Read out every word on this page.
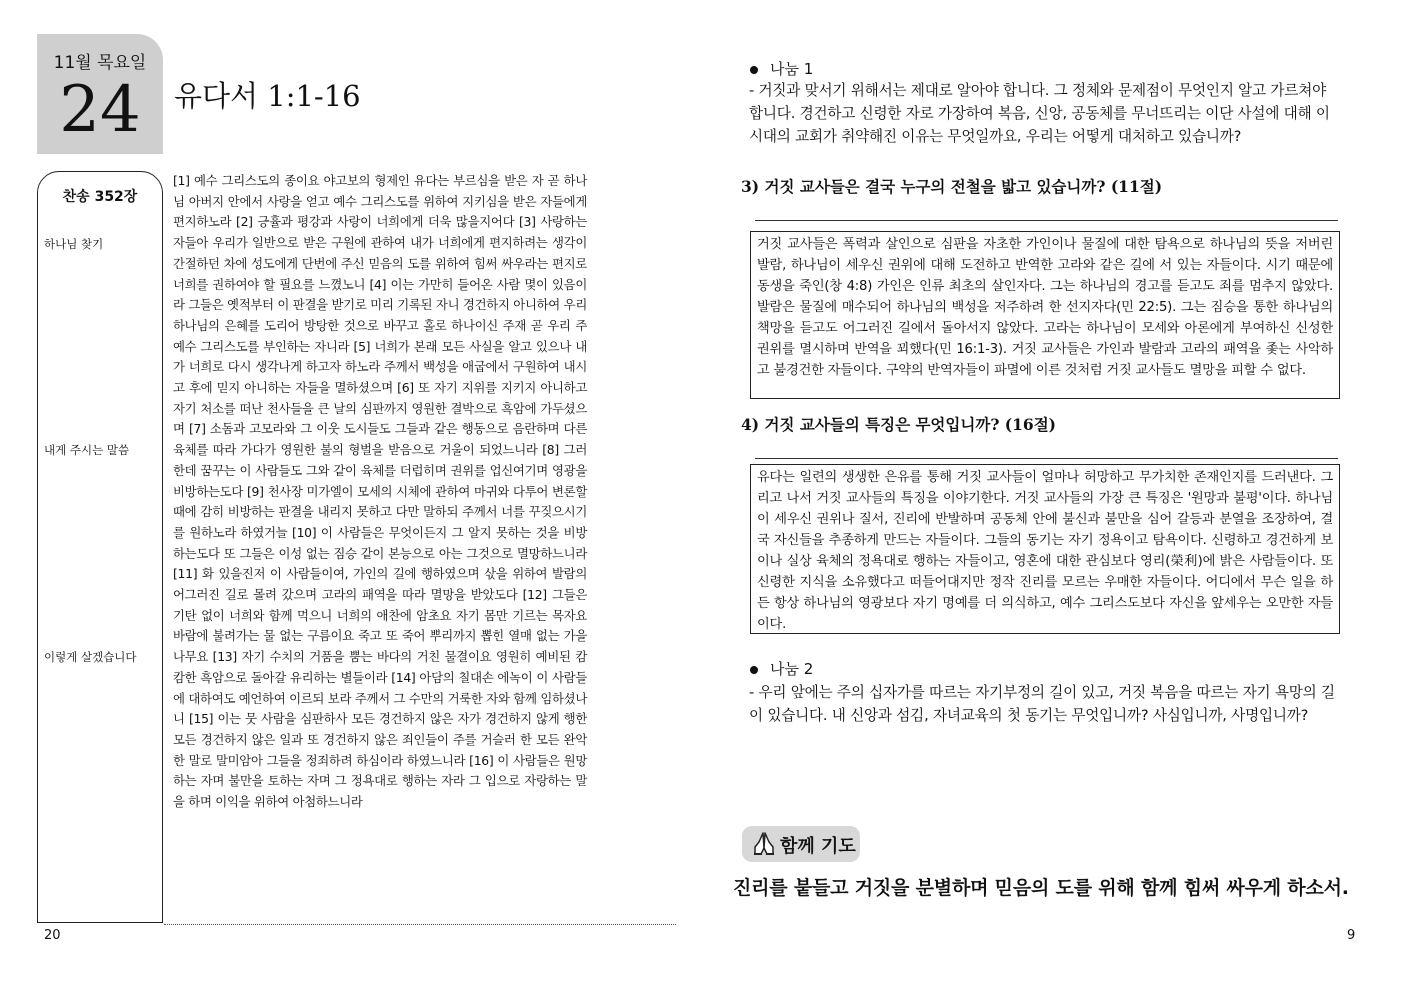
11월 목요일
24	유다서 1:1-16
찬송 352장
하나님 찾기
내게 주시는 말씀
이렇게 살겠습니다
[1] 예수 그리스도의 종이요 야고보의 형제인 유다는 부르심을 받은 자 곧 하나님 아버지 안에서 사랑을 얻고 예수 그리스도를 위하여 지키심을 받은 자들에게 편지하노라 [2] 긍휼과 평강과 사랑이 너희에게 더욱 많을지어다 [3] 사랑하는 자들아 우리가 일반으로 받은 구원에 관하여 내가 너희에게 편지하려는 생각이 간절하던 차에 성도에게 단번에 주신 믿음의 도를 위하여 힘써 싸우라는 편지로 너희를 권하여야 할 필요를 느꼈노니 [4] 이는 가만히 들어온 사람 몇이 있음이라 그들은 옛적부터 이 판결을 받기로 미리 기록된 자니 경건하지 아니하여 우리 하나님의 은혜를 도리어 방탕한 것으로 바꾸고 홀로 하나이신 주재 곧 우리 주 예수 그리스도를 부인하는 자니라 [5] 너희가 본래 모든 사실을 알고 있으나 내가 너희로 다시 생각나게 하고자 하노라 주께서 백성을 애굽에서 구원하여 내시고 후에 믿지 아니하는 자들을 멸하셨으며 [6] 또 자기 지위를 지키지 아니하고 자기 처소를 떠난 천사들을 큰 날의 심판까지 영원한 결박으로 흑암에 가두셨으며 [7] 소돔과 고모라와 그 이웃 도시들도 그들과 같은 행동으로 음란하며 다른 육체를 따라 가다가 영원한 불의 형벌을 받음으로 거울이 되었느니라 [8] 그러한데 꿈꾸는 이 사람들도 그와 같이 육체를 더럽히며 권위를 업신여기며 영광을 비방하는도다 [9] 천사장 미가엘이 모세의 시체에 관하여 마귀와 다투어 변론할 때에 감히 비방하는 판결을 내리지 못하고 다만 말하되 주께서 너를 꾸짖으시기를 원하노라 하였거늘 [10] 이 사람들은 무엇이든지 그 알지 못하는 것을 비방하는도다 또 그들은 이성 없는 짐승 같이 본능으로 아는 그것으로 멸망하느니라 [11] 화 있을진저 이 사람들이여, 가인의 길에 행하였으며 삯을 위하여 발람의 어그러진 길로 몰려 갔으며 고라의 패역을 따라 멸망을 받았도다 [12] 그들은 기탄 없이 너희와 함께 먹으니 너희의 애찬에 암초요 자기 몸만 기르는 목자요 바람에 불려가는 물 없는 구름이요 죽고 또 죽어 뿌리까지 뽑힌 열매 없는 가을 나무요 [13] 자기 수치의 거품을 뿜는 바다의 거친 물결이요 영원히 예비된 캄캄한 흑암으로 돌아갈 유리하는 별들이라 [14] 아담의 칠대손 에녹이 이 사람들에 대하여도 예언하여 이르되 보라 주께서 그 수만의 거룩한 자와 함께 임하셨나니 [15] 이는 뭇 사람을 심판하사 모든 경건하지 않은 자가 경건하지 않게 행한 모든 경건하지 않은 일과 또 경건하지 않은 죄인들이 주를 거슬러 한 모든 완악한 말로 말미암아 그들을 정죄하려 하심이라 하였느니라 [16] 이 사람들은 원망하는 자며 불만을 토하는 자며 그 정욕대로 행하는 자라 그 입으로 자랑하는 말을 하며 이익을 위하여 아첨하느니라
20
나눔 1
- 거짓과 맞서기 위해서는 제대로 알아야 합니다. 그 정체와 문제점이 무엇인지 알고 가르쳐야 합니다. 경건하고 신령한 자로 가장하여 복음, 신앙, 공동체를 무너뜨리는 이단 사설에 대해 이 시대의 교회가 취약해진 이유는 무엇일까요, 우리는 어떻게 대처하고 있습니까?
3) 거짓 교사들은 결국 누구의 전철을 밟고 있습니까? (11절)
거짓 교사들은 폭력과 살인으로 심판을 자초한 가인이나 물질에 대한 탐욕으로 하나님의 뜻을 저버린 발람, 하나님이 세우신 권위에 대해 도전하고 반역한 고라와 같은 길에 서 있는 자들이다. 시기 때문에 동생을 죽인(창 4:8) 가인은 인류 최초의 살인자다. 그는 하나님의 경고를 듣고도 죄를 멈추지 않았다. 발람은 물질에 매수되어 하나님의 백성을 저주하려 한 선지자다(민 22:5). 그는 짐승을 통한 하나님의 책망을 듣고도 어그러진 길에서 돌아서지 않았다. 고라는 하나님이 모세와 아론에게 부여하신 신성한 권위를 멸시하며 반역을 꾀했다(민 16:1-3). 거짓 교사들은 가인과 발람과 고라의 패역을 좇는 사악하고 불경건한 자들이다. 구약의 반역자들이 파멸에 이른 것처럼 거짓 교사들도 멸망을 피할 수 없다.
4) 거짓 교사들의 특징은 무엇입니까? (16절)
유다는 일련의 생생한 은유를 통해 거짓 교사들이 얼마나 허망하고 무가치한 존재인지를 드러낸다. 그리고 나서 거짓 교사들의 특징을 이야기한다. 거짓 교사들의 가장 큰 특징은 '원망과 불평'이다. 하나님이 세우신 권위나 질서, 진리에 반발하며 공동체 안에 불신과 불만을 심어 갈등과 분열을 조장하여, 결국 자신들을 추종하게 만드는 자들이다. 그들의 동기는 자기 정욕이고 탐욕이다. 신령하고 경건하게 보이나 실상 육체의 정욕대로 행하는 자들이고, 영혼에 대한 관심보다 영리(榮利)에 밝은 사람들이다. 또 신령한 지식을 소유했다고 떠들어대지만 정작 진리를 모르는 우매한 자들이다. 어디에서 무슨 일을 하든 항상 하나님의 영광보다 자기 명예를 더 의식하고, 예수 그리스도보다 자신을 앞세우는 오만한 자들이다.
나눔 2
- 우리 앞에는 주의 십자가를 따르는 자기부정의 길이 있고, 거짓 복음을 따르는 자기 욕망의 길이 있습니다. 내 신앙과 섬김, 자녀교육의 첫 동기는 무엇입니까? 사심입니까, 사명입니까?
함께 기도
진리를 붙들고 거짓을 분별하며 믿음의 도를 위해 함께 힘써 싸우게 하소서.
9
